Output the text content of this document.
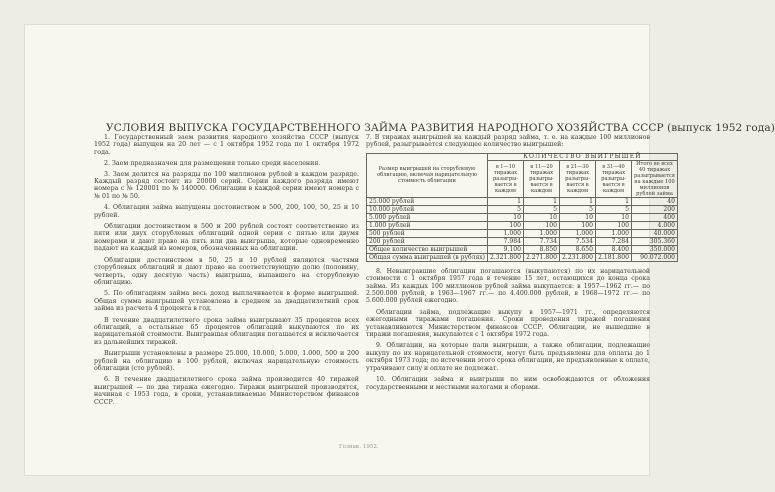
УСЛОВИЯ ВЫПУСКА ГОСУДАРСТВЕННОГО ЗАЙМА РАЗВИТИЯ НАРОДНОГО ХОЗЯЙСТВА СССР (выпуск 1952 года)

1. Государственный заем развития народного хозяйства СССР (выпуск 1952 года) выпущен на 20 лет — с 1 октября 1952 года по 1 октября 1972 года.

2. Заем предназначен для размещения только среди населения.

3. Заем делится на разряды по 100 миллионов рублей в каждом разряде. Каждый разряд состоит из 20000 серий. Серии каждого разряда имеют номера с № 120001 по № 140000. Облигации в каждой серии имеют номера с № 01 по № 50.

4. Облигации займа выпущены достоинством в 500, 200, 100, 50, 25 и 10 рублей.

Облигации достоинством в 500 и 200 рублей состоят соответственно из пяти или двух сторублевых облигаций одной серии с пятью или двумя номерами и дают право на пять или два выигрыша, которые одновременно падают на каждый из номеров, обозначенных на облигации.

Облигации достоинством в 50, 25 и 10 рублей являются частями стoрублевых облигаций и дают право на соответствующую долю (половину, четверть, одну десятую часть) выигрыша, выпавшего на стоpублевую облигацию.

5. По облигациям займа весь доход выплачивается в форме выигрышей. Общая сумма выигрышей установлена в среднем за двадцатилетний срок займа из расчета 4 процента в год.

В течение двадцатилетнего срока займа выигрывают 35 процентов всех облигаций, а остальные 65 процентов облигаций выкупаются по их нарицательной стоимости. Выигравшая облигация погашается и исключается из дальнейших тиражей.

Выигрыши установлены в размере 25.000, 10.000, 5.000, 1.000, 500 и 200 рублей на облигацию в 100 рублей, включая нарицательную стоимость облигации (сто рублей).

6. В течение двадцатилетнего срока займа производится 40 тиражей выигрышей — по два тиража ежегодно. Тиражи выигрышей производятся, начиная с 1953 года, в сроки, устанавливаемые Министерством финансов СССР.

7. В тиражах выигрышей на каждый разряд займа, т. е. на каждые 100 миллионов рублей, разыгрывается следующее количество выигрышей:

Размер выигрышей на стоpублевую облигацию, включая нарицательную стоимость облигации	КОЛИЧЕСТВО ВЫИГРЫШЕЙ				
	в 1—10 тиражах разыгры-вается в каждом	в 11—20 тиражах разыгры-вается в каждом	в 21—30 тиражах разыгры-вается в каждом	в 31—40 тиражах разыгры-вается в каждом	Итого во всех 40 тиражах разыгрывается на каждые 100 миллионов рублей займа
25.000 рублей	1	1	1	1	40
10.000 рублей	5	5	5	5	200
5.000 рублей	10	10	10	10	400
1.000 рублей	100	100	100	100	4.000
500 рублей	1.000	1.000	1.000	1.000	40.000
200 рублей	7.984	7.734	7.534	7.284	305.360
Общее количество выигрышей	9.100	8.850	8.650	8.400	350.000
Общая сумма выигрышей (в рублях)	2.321.800	2.271.800	2.231.800	2.181.800	90.072.000

8. Невыигравшие облигации погашаются (выкупаются) по их нарицательной стоимости с 1 октября 1957 года в течение 15 лет, остающихся до конца срока займа. Из каждых 100 миллионов рублей займа выкупается: в 1957—1962 гг.— по 2.500.000 рублей, в 1963—1967 гг.— по 4.400.000 рублей, в 1968—1972 гг.— по 5.600.000 рублей ежегодно.

Облигации займа, подлежащие выкупу в 1957—1971 гг., определяются ежегодными тиражами погашения. Сроки проведения тиражей погашения устанавливаются Министерством финансов СССР. Облигации, не вышедшие в тиражи погашения, выкупаются с 1 октября 1972 года.

9. Облигации, на которые пали выигрыши, а также облигации, подлежащие выкупу по их нарицательной стоимости, могут быть предъявлены для оплаты до 1 октября 1973 года; по истечении этого срока облигации, не предъявленные к оплате, утрачивают силу и оплате не подлежат.

10. Облигации займа и выигрыши по ним освобождаются от обложения государственными и местными налогами и сборами.

Гознак. 1952.
